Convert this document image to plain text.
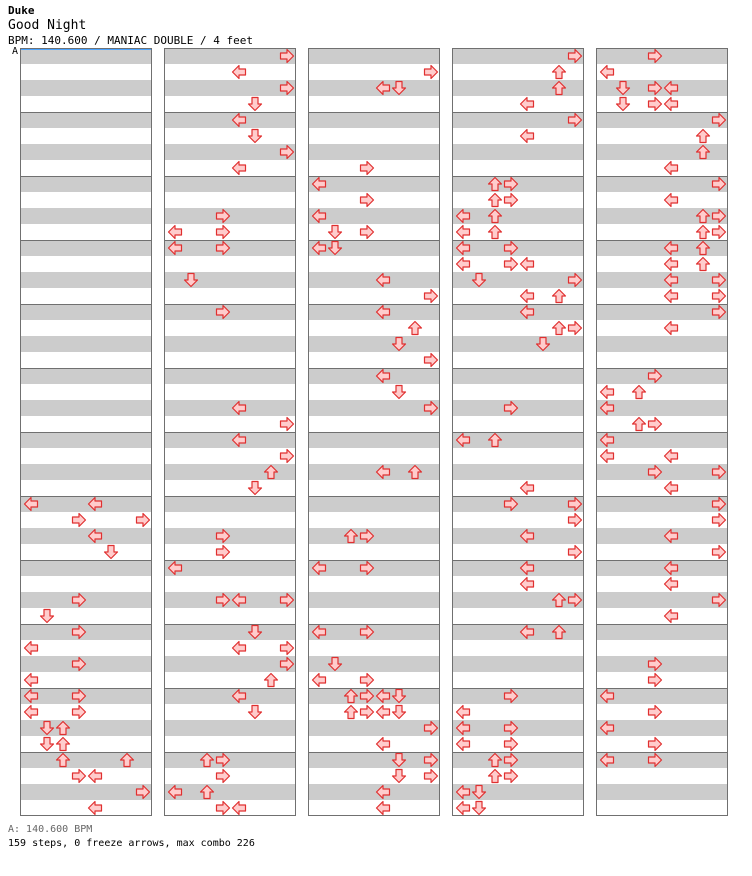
Duke
Good Night
BPM: 140.600 / MANIAC DOUBLE / 4 feet
A
A: 140.600 BPM
159 steps, 0 freeze arrows, max combo 226
